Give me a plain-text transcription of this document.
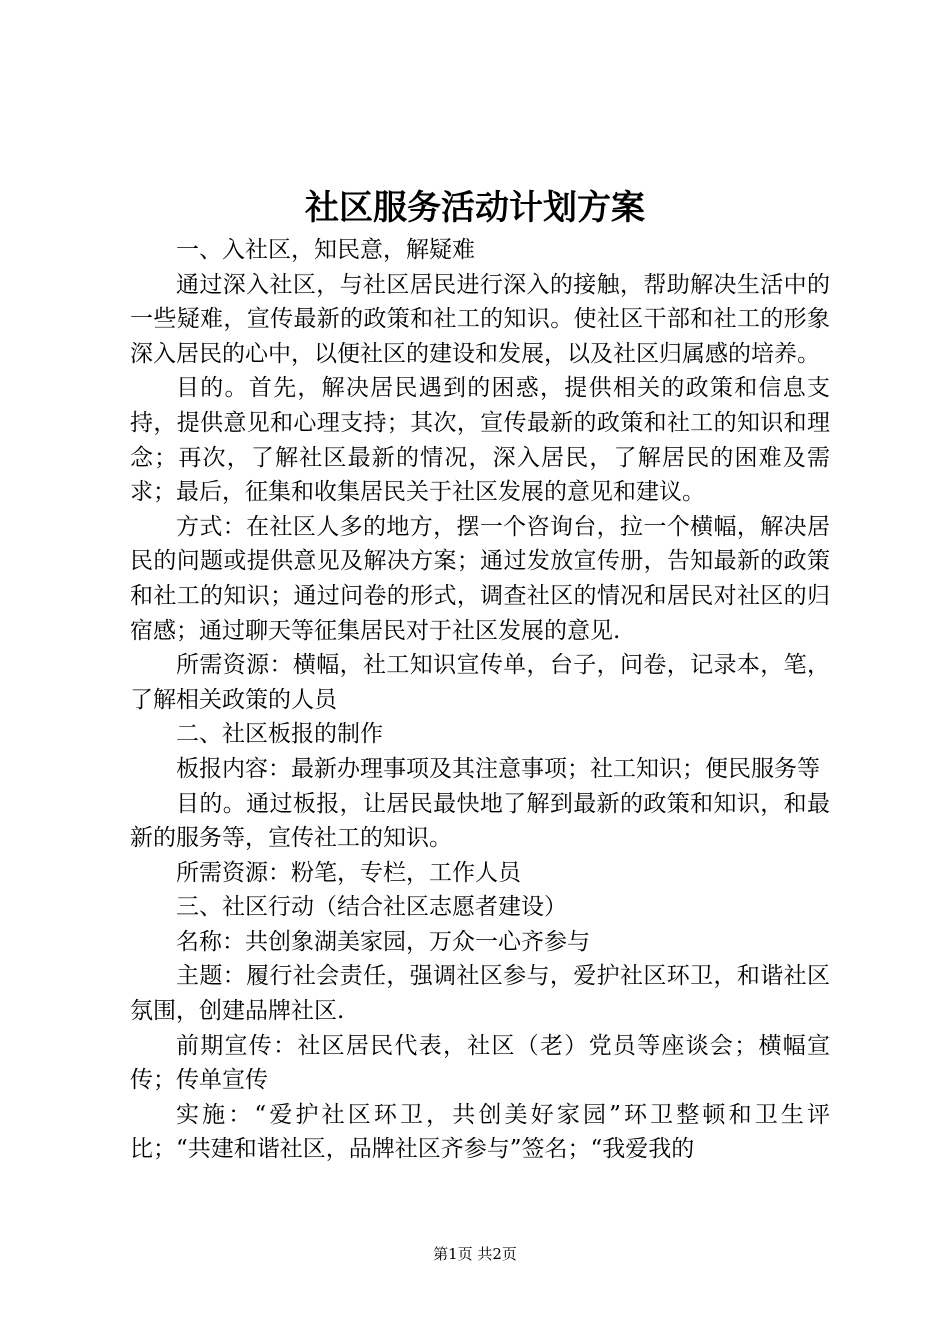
社区服务活动计划方案

一、入社区，知民意，解疑难

通过深入社区，与社区居民进行深入的接触，帮助解决生活中的一些疑难，宣传最新的政策和社工的知识。使社区干部和社工的形象深入居民的心中，以便社区的建设和发展，以及社区归属感的培养。

目的。首先，解决居民遇到的困惑，提供相关的政策和信息支持，提供意见和心理支持；其次，宣传最新的政策和社工的知识和理念；再次，了解社区最新的情况，深入居民，了解居民的困难及需求；最后，征集和收集居民关于社区发展的意见和建议。

方式：在社区人多的地方，摆一个咨询台，拉一个横幅，解决居民的问题或提供意见及解决方案；通过发放宣传册，告知最新的政策和社工的知识；通过问卷的形式，调查社区的情况和居民对社区的归宿感；通过聊天等征集居民对于社区发展的意见.

所需资源：横幅，社工知识宣传单，台子，问卷，记录本，笔，了解相关政策的人员

二、社区板报的制作

板报内容：最新办理事项及其注意事项；社工知识；便民服务等

目的。通过板报，让居民最快地了解到最新的政策和知识，和最新的服务等，宣传社工的知识。

所需资源：粉笔，专栏，工作人员

三、社区行动（结合社区志愿者建设）

名称：共创象湖美家园，万众一心齐参与

主题：履行社会责任，强调社区参与，爱护社区环卫，和谐社区氛围，创建品牌社区.

前期宣传：社区居民代表，社区（老）党员等座谈会；横幅宣传；传单宣传

实施：“爱护社区环卫，共创美好家园”环卫整顿和卫生评比；“共建和谐社区，品牌社区齐参与”签名；“我爱我的

第1页 共2页
